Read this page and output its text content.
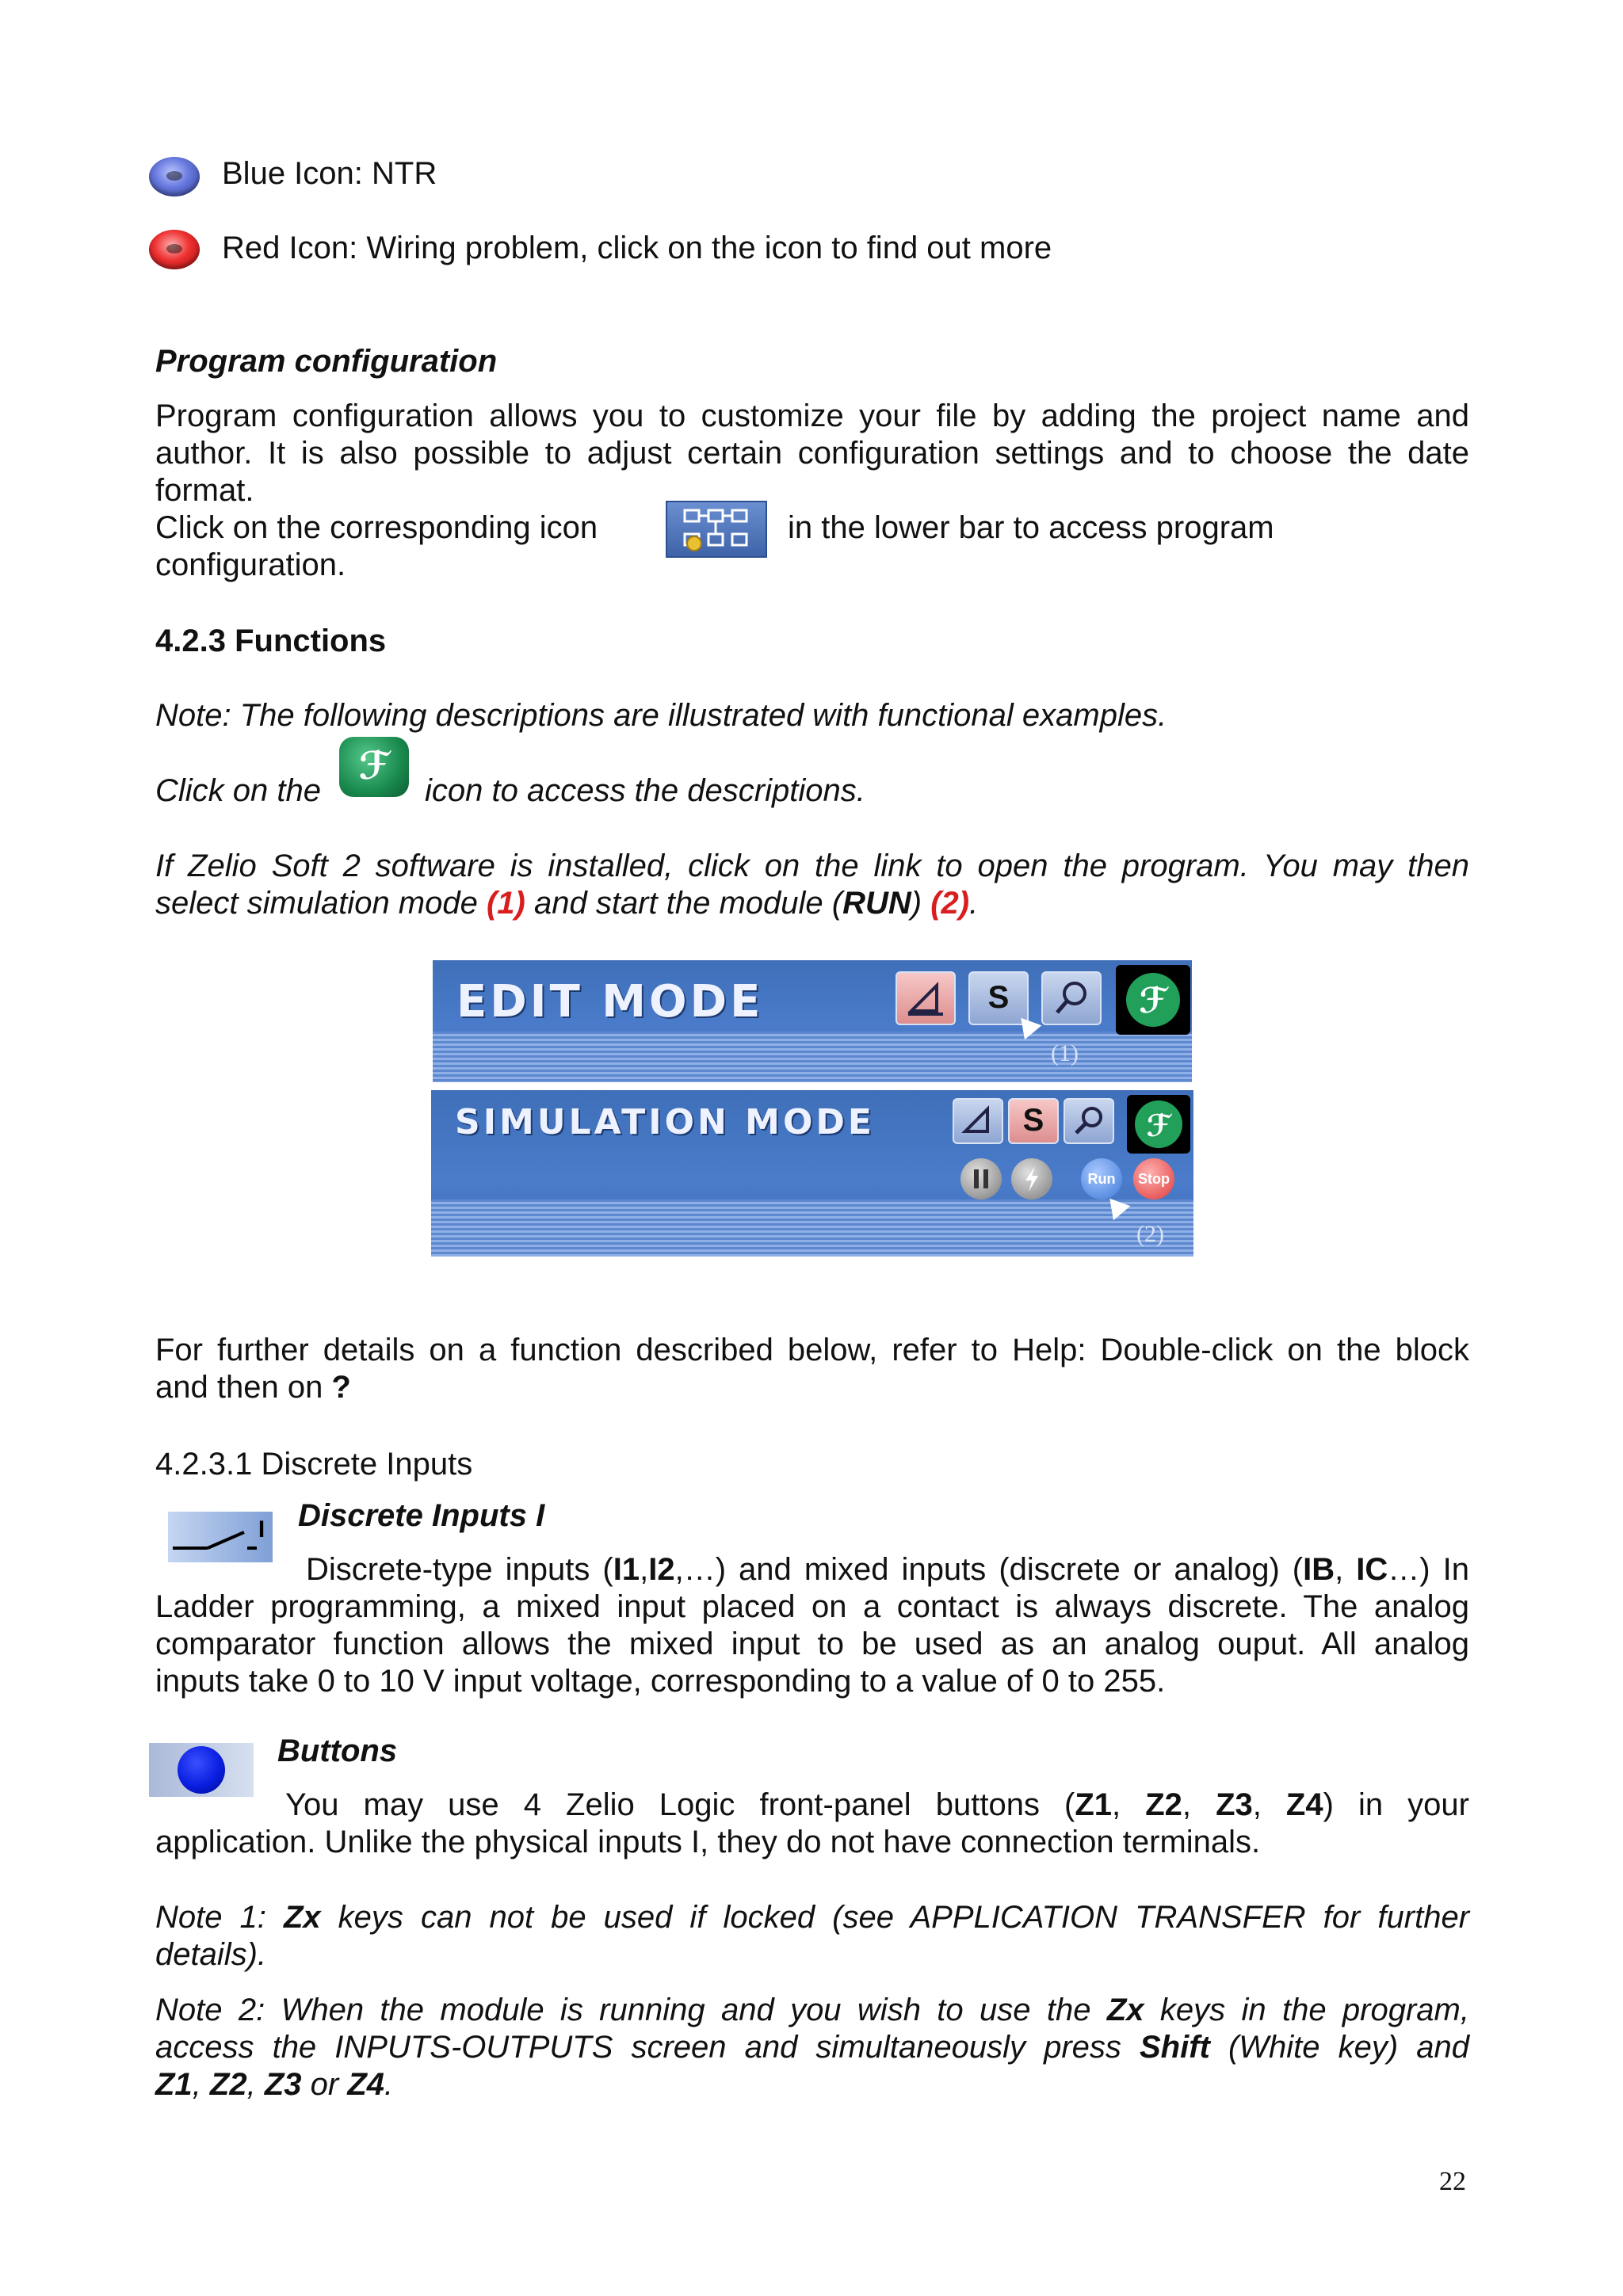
Blue Icon: NTR
Red Icon: Wiring problem, click on the icon to find out more
Program configuration
Program configuration allows you to customize your file by adding the project name and
author. It is also possible to adjust certain configuration settings and to choose the date
format.
Click on the corresponding icon	in the lower bar to access program
configuration.
4.2.3 Functions
Note: The following descriptions are illustrated with functional examples.
Click on the
ℱ
icon to access the descriptions.
If Zelio Soft 2 software is installed, click on the link to open the program. You may then
select simulation mode (1) and start the module (RUN) (2).
EDIT MODE	S	ℱ
(1)
SIMULATION MODE	S	ℱ
Run	Stop
(2)
For further details on a function described below, refer to Help: Double-click on the block
and then on ?
4.2.3.1 Discrete Inputs
I Discrete Inputs I
Discrete-type inputs (I1,I2,…) and mixed inputs (discrete or analog) (IB, IC…) In
Ladder programming, a mixed input placed on a contact is always discrete. The analog
comparator function allows the mixed input to be used as an analog ouput. All analog
inputs take 0 to 10 V input voltage, corresponding to a value of 0 to 255.
Buttons
You may use 4 Zelio Logic front-panel buttons (Z1, Z2, Z3, Z4) in your
application. Unlike the physical inputs I, they do not have connection terminals.
Note 1: Zx keys can not be used if locked (see APPLICATION TRANSFER for further
details).
Note 2: When the module is running and you wish to use the Zx keys in the program,
access the INPUTS-OUTPUTS screen and simultaneously press Shift (White key) and
Z1, Z2, Z3 or Z4.
22
